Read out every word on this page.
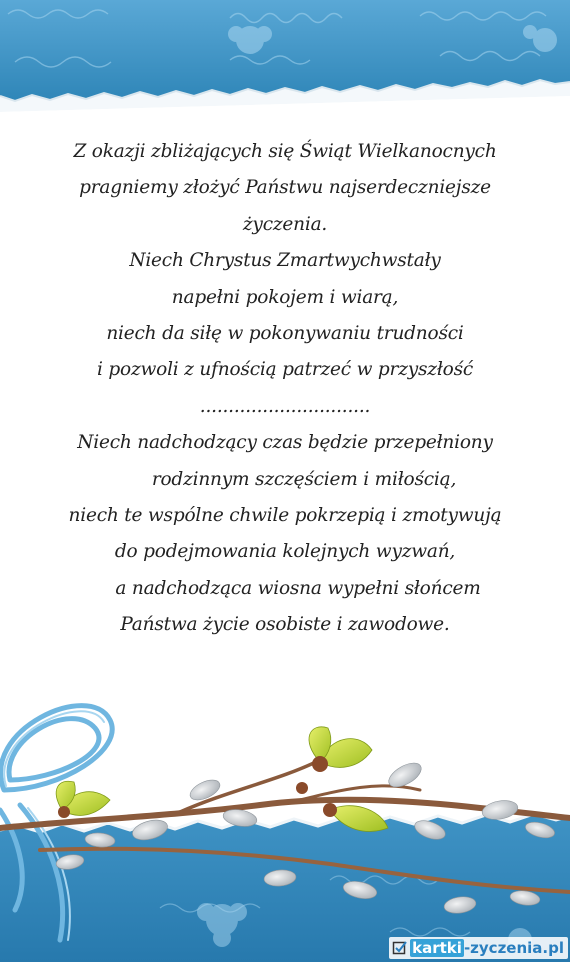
Z okazji zbliżających się Świąt Wielkanocnych
pragniemy złożyć Państwu najserdeczniejsze
życzenia.
Niech Chrystus Zmartwychwstały
napełni pokojem i wiarą,
niech da siłę w pokonywaniu trudności
i pozwoli z ufnością patrzeć w przyszłość
..............................
Niech nadchodzący czas będzie przepełniony
rodzinnym szczęściem i miłością,
niech te wspólne chwile pokrzepią i zmotywują
do podejmowania kolejnych wyzwań,
a nadchodząca wiosna wypełni słońcem
Państwa życie osobiste i zawodowe.
kartki -zyczenia.pl
